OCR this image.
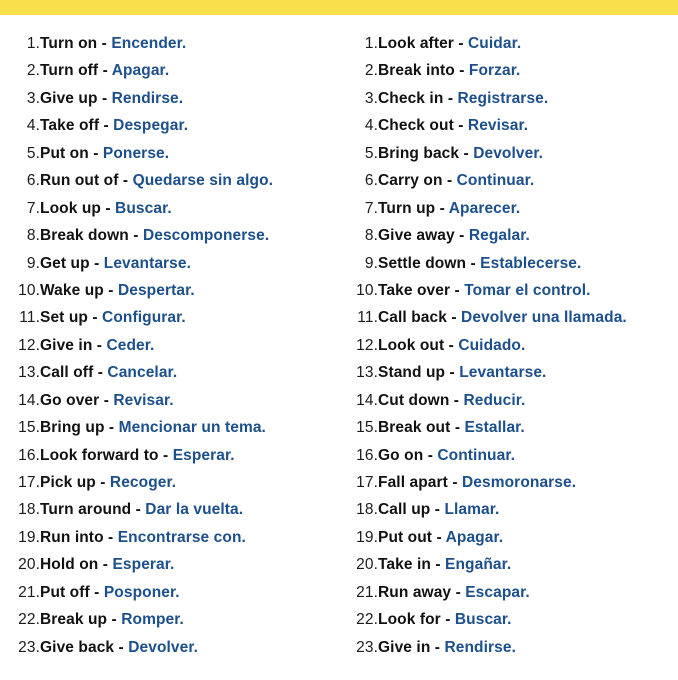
1.Turn on - Encender.
2.Turn off - Apagar.
3.Give up - Rendirse.
4.Take off - Despegar.
5.Put on - Ponerse.
6.Run out of - Quedarse sin algo.
7.Look up - Buscar.
8.Break down - Descomponerse.
9.Get up - Levantarse.
10.Wake up - Despertar.
11.Set up - Configurar.
12.Give in - Ceder.
13.Call off - Cancelar.
14.Go over - Revisar.
15.Bring up - Mencionar un tema.
16.Look forward to - Esperar.
17.Pick up - Recoger.
18.Turn around - Dar la vuelta.
19.Run into - Encontrarse con.
20.Hold on - Esperar.
21.Put off - Posponer.
22.Break up - Romper.
23.Give back - Devolver.
1.Look after - Cuidar.
2.Break into - Forzar.
3.Check in - Registrarse.
4.Check out - Revisar.
5.Bring back - Devolver.
6.Carry on - Continuar.
7.Turn up - Aparecer.
8.Give away - Regalar.
9.Settle down - Establecerse.
10.Take over - Tomar el control.
11.Call back - Devolver una llamada.
12.Look out - Cuidado.
13.Stand up - Levantarse.
14.Cut down - Reducir.
15.Break out - Estallar.
16.Go on - Continuar.
17.Fall apart - Desmoronarse.
18.Call up - Llamar.
19.Put out - Apagar.
20.Take in - Engañar.
21.Run away - Escapar.
22.Look for - Buscar.
23.Give in - Rendirse.
